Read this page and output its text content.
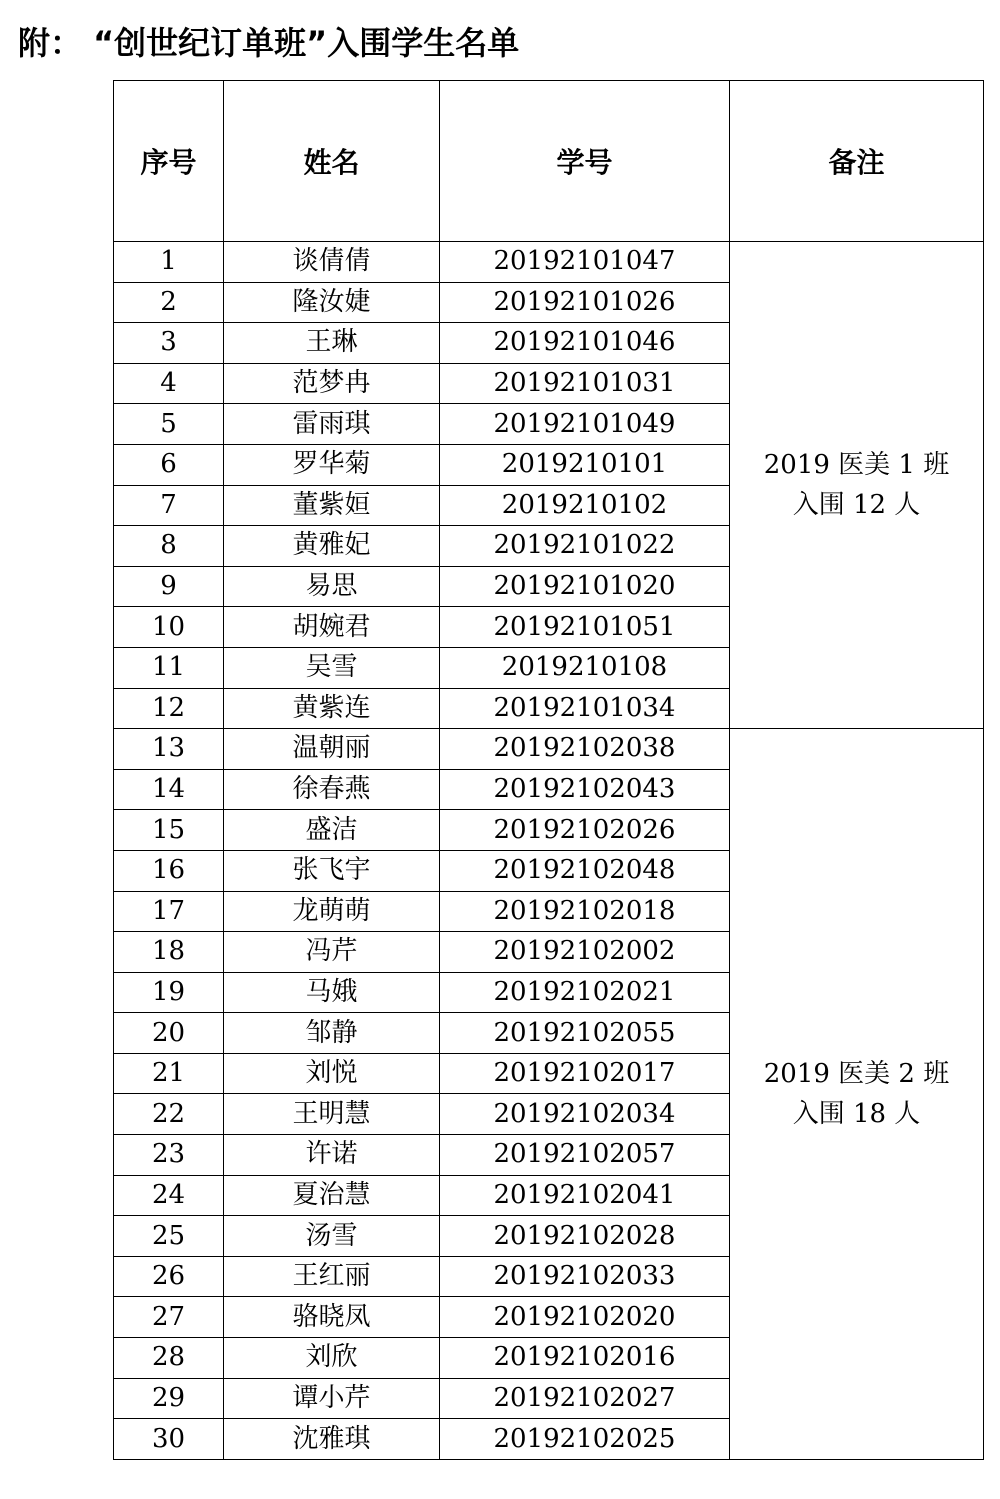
附： “创世纪订单班”入围学生名单
序号	姓名	学号	备注
1	谈倩倩	20192101047	2019 医美 1 班
入围 12 人

2	隆汝婕	20192101026	
3	王琳	20192101046	
4	范梦冉	20192101031	
5	雷雨琪	20192101049	
6	罗华菊	2019210101	
7	董紫姮	2019210102	
8	黄雅妃	20192101022	
9	易思	20192101020	
10	胡婉君	20192101051	
11	吴雪	2019210108	
12	黄紫连	20192101034	
13	温朝丽	20192102038	2019 医美 2 班
入围 18 人

14	徐春燕	20192102043	
15	盛洁	20192102026	
16	张飞宇	20192102048	
17	龙萌萌	20192102018	
18	冯芹	20192102002	
19	马娥	20192102021	
20	邹静	20192102055	
21	刘悦	20192102017	
22	王明慧	20192102034	
23	许诺	20192102057	
24	夏治慧	20192102041	
25	汤雪	20192102028	
26	王红丽	20192102033	
27	骆晓凤	20192102020	
28	刘欣	20192102016	
29	谭小芹	20192102027	
30	沈雅琪	20192102025	
